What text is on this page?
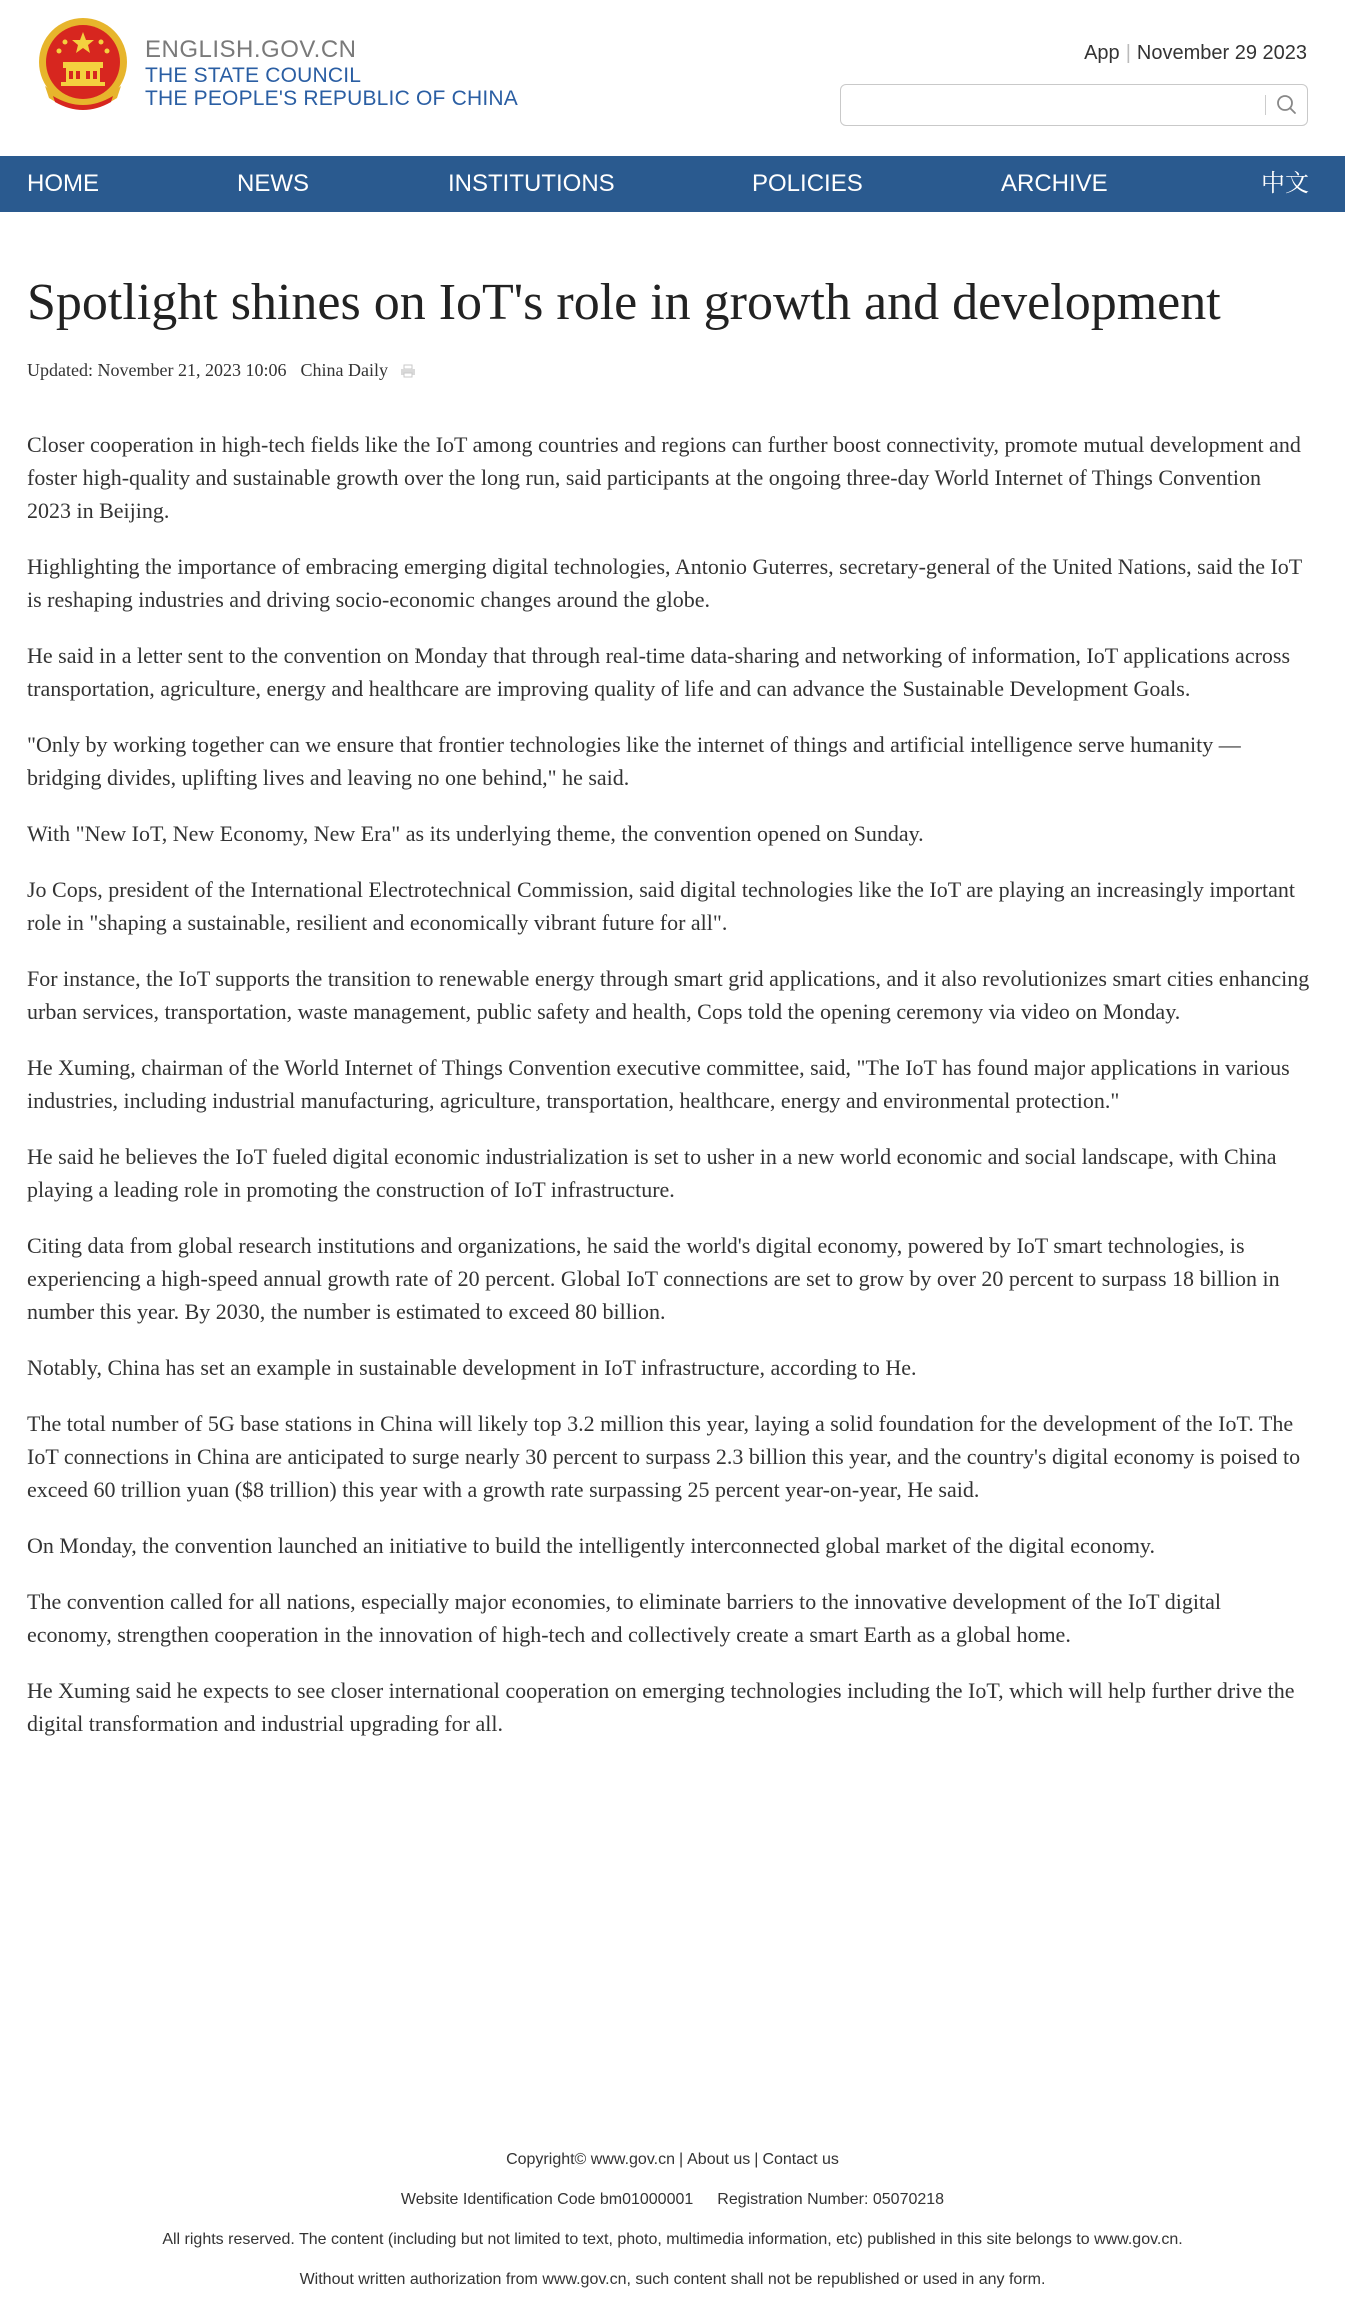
ENGLISH.GOV.CN
THE STATE COUNCIL
THE PEOPLE'S REPUBLIC OF CHINA
App | November 29 2023
HOME	NEWS	INSTITUTIONS	POLICIES	ARCHIVE	中文
Spotlight shines on IoT's role in growth and development
Updated: November 21, 2023 10:06 China Daily

Closer cooperation in high-tech fields like the IoT among countries and regions can further boost connectivity, promote mutual development and foster high-quality and sustainable growth over the long run, said participants at the ongoing three-day World Internet of Things Convention 2023 in Beijing.

Highlighting the importance of embracing emerging digital technologies, Antonio Guterres, secretary-general of the United Nations, said the IoT is reshaping industries and driving socio-economic changes around the globe.

He said in a letter sent to the convention on Monday that through real-time data-sharing and networking of information, IoT applications across transportation, agriculture, energy and healthcare are improving quality of life and can advance the Sustainable Development Goals.

"Only by working together can we ensure that frontier technologies like the internet of things and artificial intelligence serve humanity — bridging divides, uplifting lives and leaving no one behind," he said.

With "New IoT, New Economy, New Era" as its underlying theme, the convention opened on Sunday.

Jo Cops, president of the International Electrotechnical Commission, said digital technologies like the IoT are playing an increasingly important role in "shaping a sustainable, resilient and economically vibrant future for all".

For instance, the IoT supports the transition to renewable energy through smart grid applications, and it also revolutionizes smart cities enhancing urban services, transportation, waste management, public safety and health, Cops told the opening ceremony via video on Monday.

He Xuming, chairman of the World Internet of Things Convention executive committee, said, "The IoT has found major applications in various industries, including industrial manufacturing, agriculture, transportation, healthcare, energy and environmental protection."

He said he believes the IoT fueled digital economic industrialization is set to usher in a new world economic and social landscape, with China playing a leading role in promoting the construction of IoT infrastructure.

Citing data from global research institutions and organizations, he said the world's digital economy, powered by IoT smart technologies, is experiencing a high-speed annual growth rate of 20 percent. Global IoT connections are set to grow by over 20 percent to surpass 18 billion in number this year. By 2030, the number is estimated to exceed 80 billion.

Notably, China has set an example in sustainable development in IoT infrastructure, according to He.

The total number of 5G base stations in China will likely top 3.2 million this year, laying a solid foundation for the development of the IoT. The IoT connections in China are anticipated to surge nearly 30 percent to surpass 2.3 billion this year, and the country's digital economy is poised to exceed 60 trillion yuan ($8 trillion) this year with a growth rate surpassing 25 percent year-on-year, He said.

On Monday, the convention launched an initiative to build the intelligently interconnected global market of the digital economy.

The convention called for all nations, especially major economies, to eliminate barriers to the innovative development of the IoT digital economy, strengthen cooperation in the innovation of high-tech and collectively create a smart Earth as a global home.

He Xuming said he expects to see closer international cooperation on emerging technologies including the IoT, which will help further drive the digital transformation and industrial upgrading for all.

Copyright© www.gov.cn | About us | Contact us
Website Identification Code bm01000001 Registration Number: 05070218
All rights reserved. The content (including but not limited to text, photo, multimedia information, etc) published in this site belongs to www.gov.cn.
Without written authorization from www.gov.cn, such content shall not be republished or used in any form.
